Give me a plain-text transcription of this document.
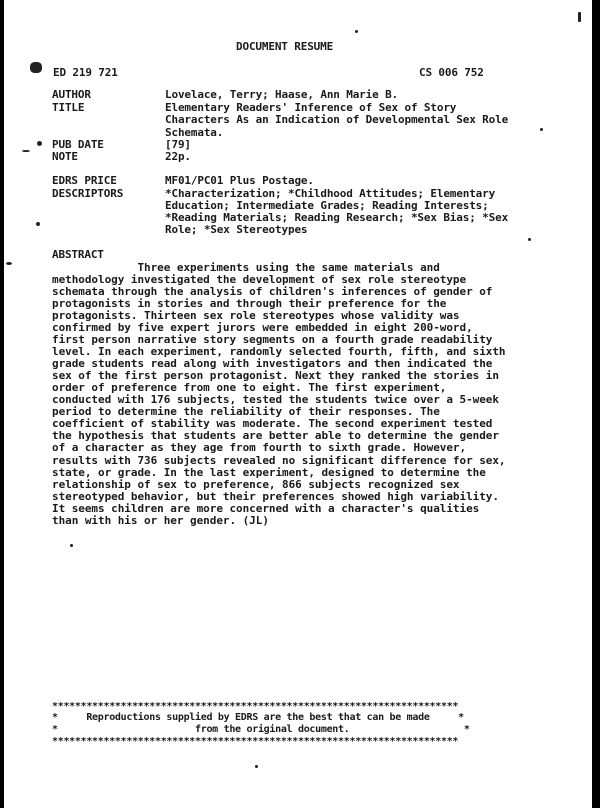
DOCUMENT RESUME
ED 219 721	CS 006 752
AUTHOR	Lovelace, Terry; Haase, Ann Marie B.
TITLE	Elementary Readers' Inference of Sex of Story
Characters As an Indication of Developmental Sex Role
Schemata.
PUB DATE	[79]
NOTE	22p.
EDRS PRICE	MF01/PC01 Plus Postage.
DESCRIPTORS	*Characterization; *Childhood Attitudes; Elementary
Education; Intermediate Grades; Reading Interests;
*Reading Materials; Reading Research; *Sex Bias; *Sex
Role; *Sex Stereotypes
ABSTRACT
Three experiments using the same materials and
methodology investigated the development of sex role stereotype
schemata through the analysis of children's inferences of gender of
protagonists in stories and through their preference for the
protagonists. Thirteen sex role stereotypes whose validity was
confirmed by five expert jurors were embedded in eight 200-word,
first person narrative story segments on a fourth grade readability
level. In each experiment, randomly selected fourth, fifth, and sixth
grade students read along with investigators and then indicated the
sex of the first person protagonist. Next they ranked the stories in
order of preference from one to eight. The first experiment,
conducted with 176 subjects, tested the students twice over a 5-week
period to determine the reliability of their responses. The
coefficient of stability was moderate. The second experiment tested
the hypothesis that students are better able to determine the gender
of a character as they age from fourth to sixth grade. However,
results with 736 subjects revealed no significant difference for sex,
state, or grade. In the last experiment, designed to determine the
relationship of sex to preference, 866 subjects recognized sex
stereotyped behavior, but their preferences showed high variability.
It seems children are more concerned with a character's qualities
than with his or her gender. (JL)
***********************************************************************
*     Reproductions supplied by EDRS are the best that can be made     *
*                        from the original document.                    *
***********************************************************************
